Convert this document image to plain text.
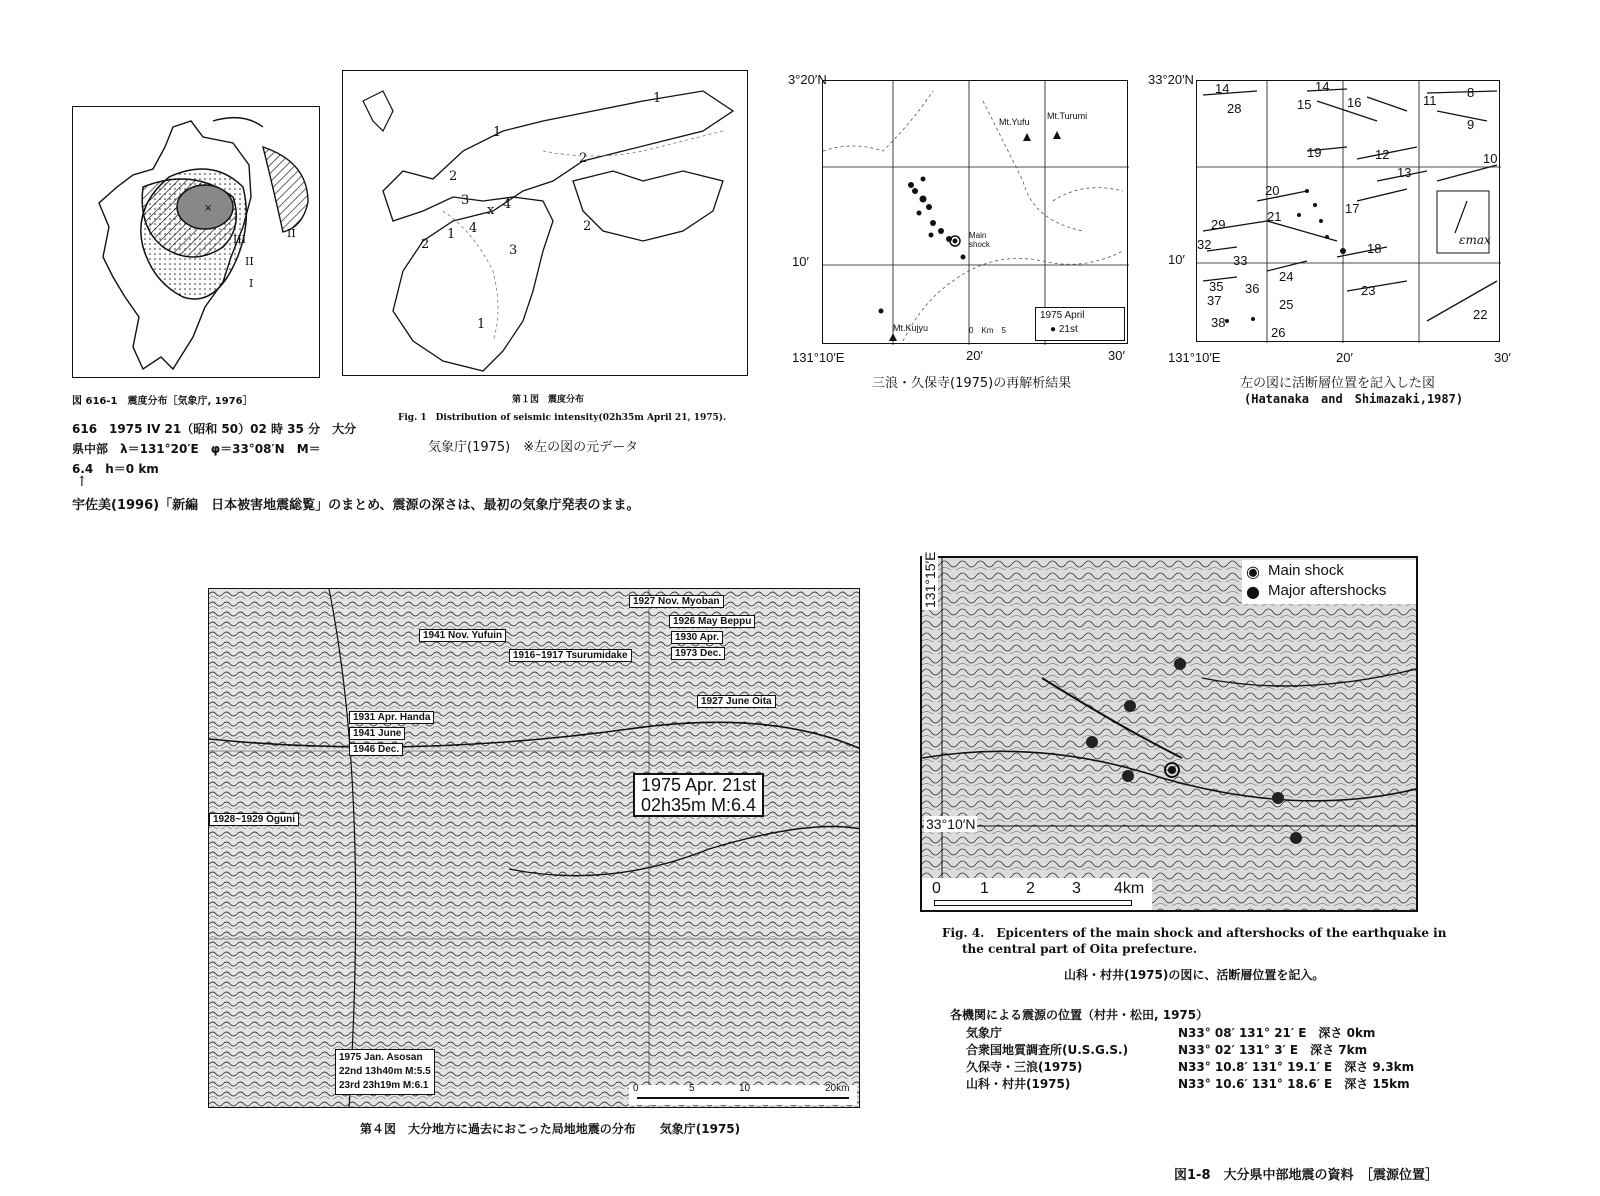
×
III
II
I
II
図 616-1　震度分布［気象庁, 1976］
616　1975 IV 21（昭和 50）02 時 35 分　大分
県中部　λ＝131°20′E　φ＝33°08′N　M＝
6.4　h＝0 km
↑
宇佐美(1996)「新編　日本被害地震総覧」のまとめ、震源の深さは、最初の気象庁発表のまま。
1
2
3
4
1
4
2	3
2
1
1
2
x
第１図　震度分布
Fig. 1　Distribution of seismic intensity(02h35m April 21, 1975).
気象庁(1975)　※左の図の元データ
Mt.Yufu
Mt.Turumi
Mt.Kujyu
Main
shock
1975 April
● 21st
0　Km　5
3°20′N
10′
131°10′E	20′	30′
三浪・久保寺(1975)の再解析結果
14
28
14
15	16	11
8
9
19	12
13
10
20
17
29
21
32
33
18
24
35 36	23
25
37
38
26
22
εmax
33°20′N
10′
131°10′E	20′	30′
左の図に活断層位置を記入した図
(Hatanaka　and　Shimazaki,1987)
1927 Nov. Myoban
1926 May Beppu
1930 Apr.
1973 Dec.
1941 Nov. Yufuin
1916~1917 Tsurumidake
1927 June Oita
1931 Apr. Handa
1941 June
1946 Dec.
1928~1929 Oguni
1975 Jan. Asosan
22nd 13h40m M:5.5
23rd 23h19m M:6.1
1975 Apr. 21st
02h35m M:6.4
0	5	10	20km
第４図　大分地方に過去におこった局地地震の分布　　気象庁(1975)
◉ Main shock
● Major aftershocks
33°10′N
0 1 2 3 4km
131°15′E
Fig. 4.　Epicenters of the main shock and aftershocks of the earthquake in
the central part of Oita prefecture.
山科・村井(1975)の図に、活断層位置を記入。
各機関による震源の位置（村井・松田, 1975）
気象庁	N33° 08′ 131° 21′ E　深さ 0km
合衆国地質調査所(U.S.G.S.)	N33° 02′ 131° 3′ E　深さ 7km
久保寺・三浪(1975)	N33° 10.8′ 131° 19.1′ E　深さ 9.3km
山科・村井(1975)	N33° 10.6′ 131° 18.6′ E　深さ 15km
図1-8　大分県中部地震の資料　［震源位置］
